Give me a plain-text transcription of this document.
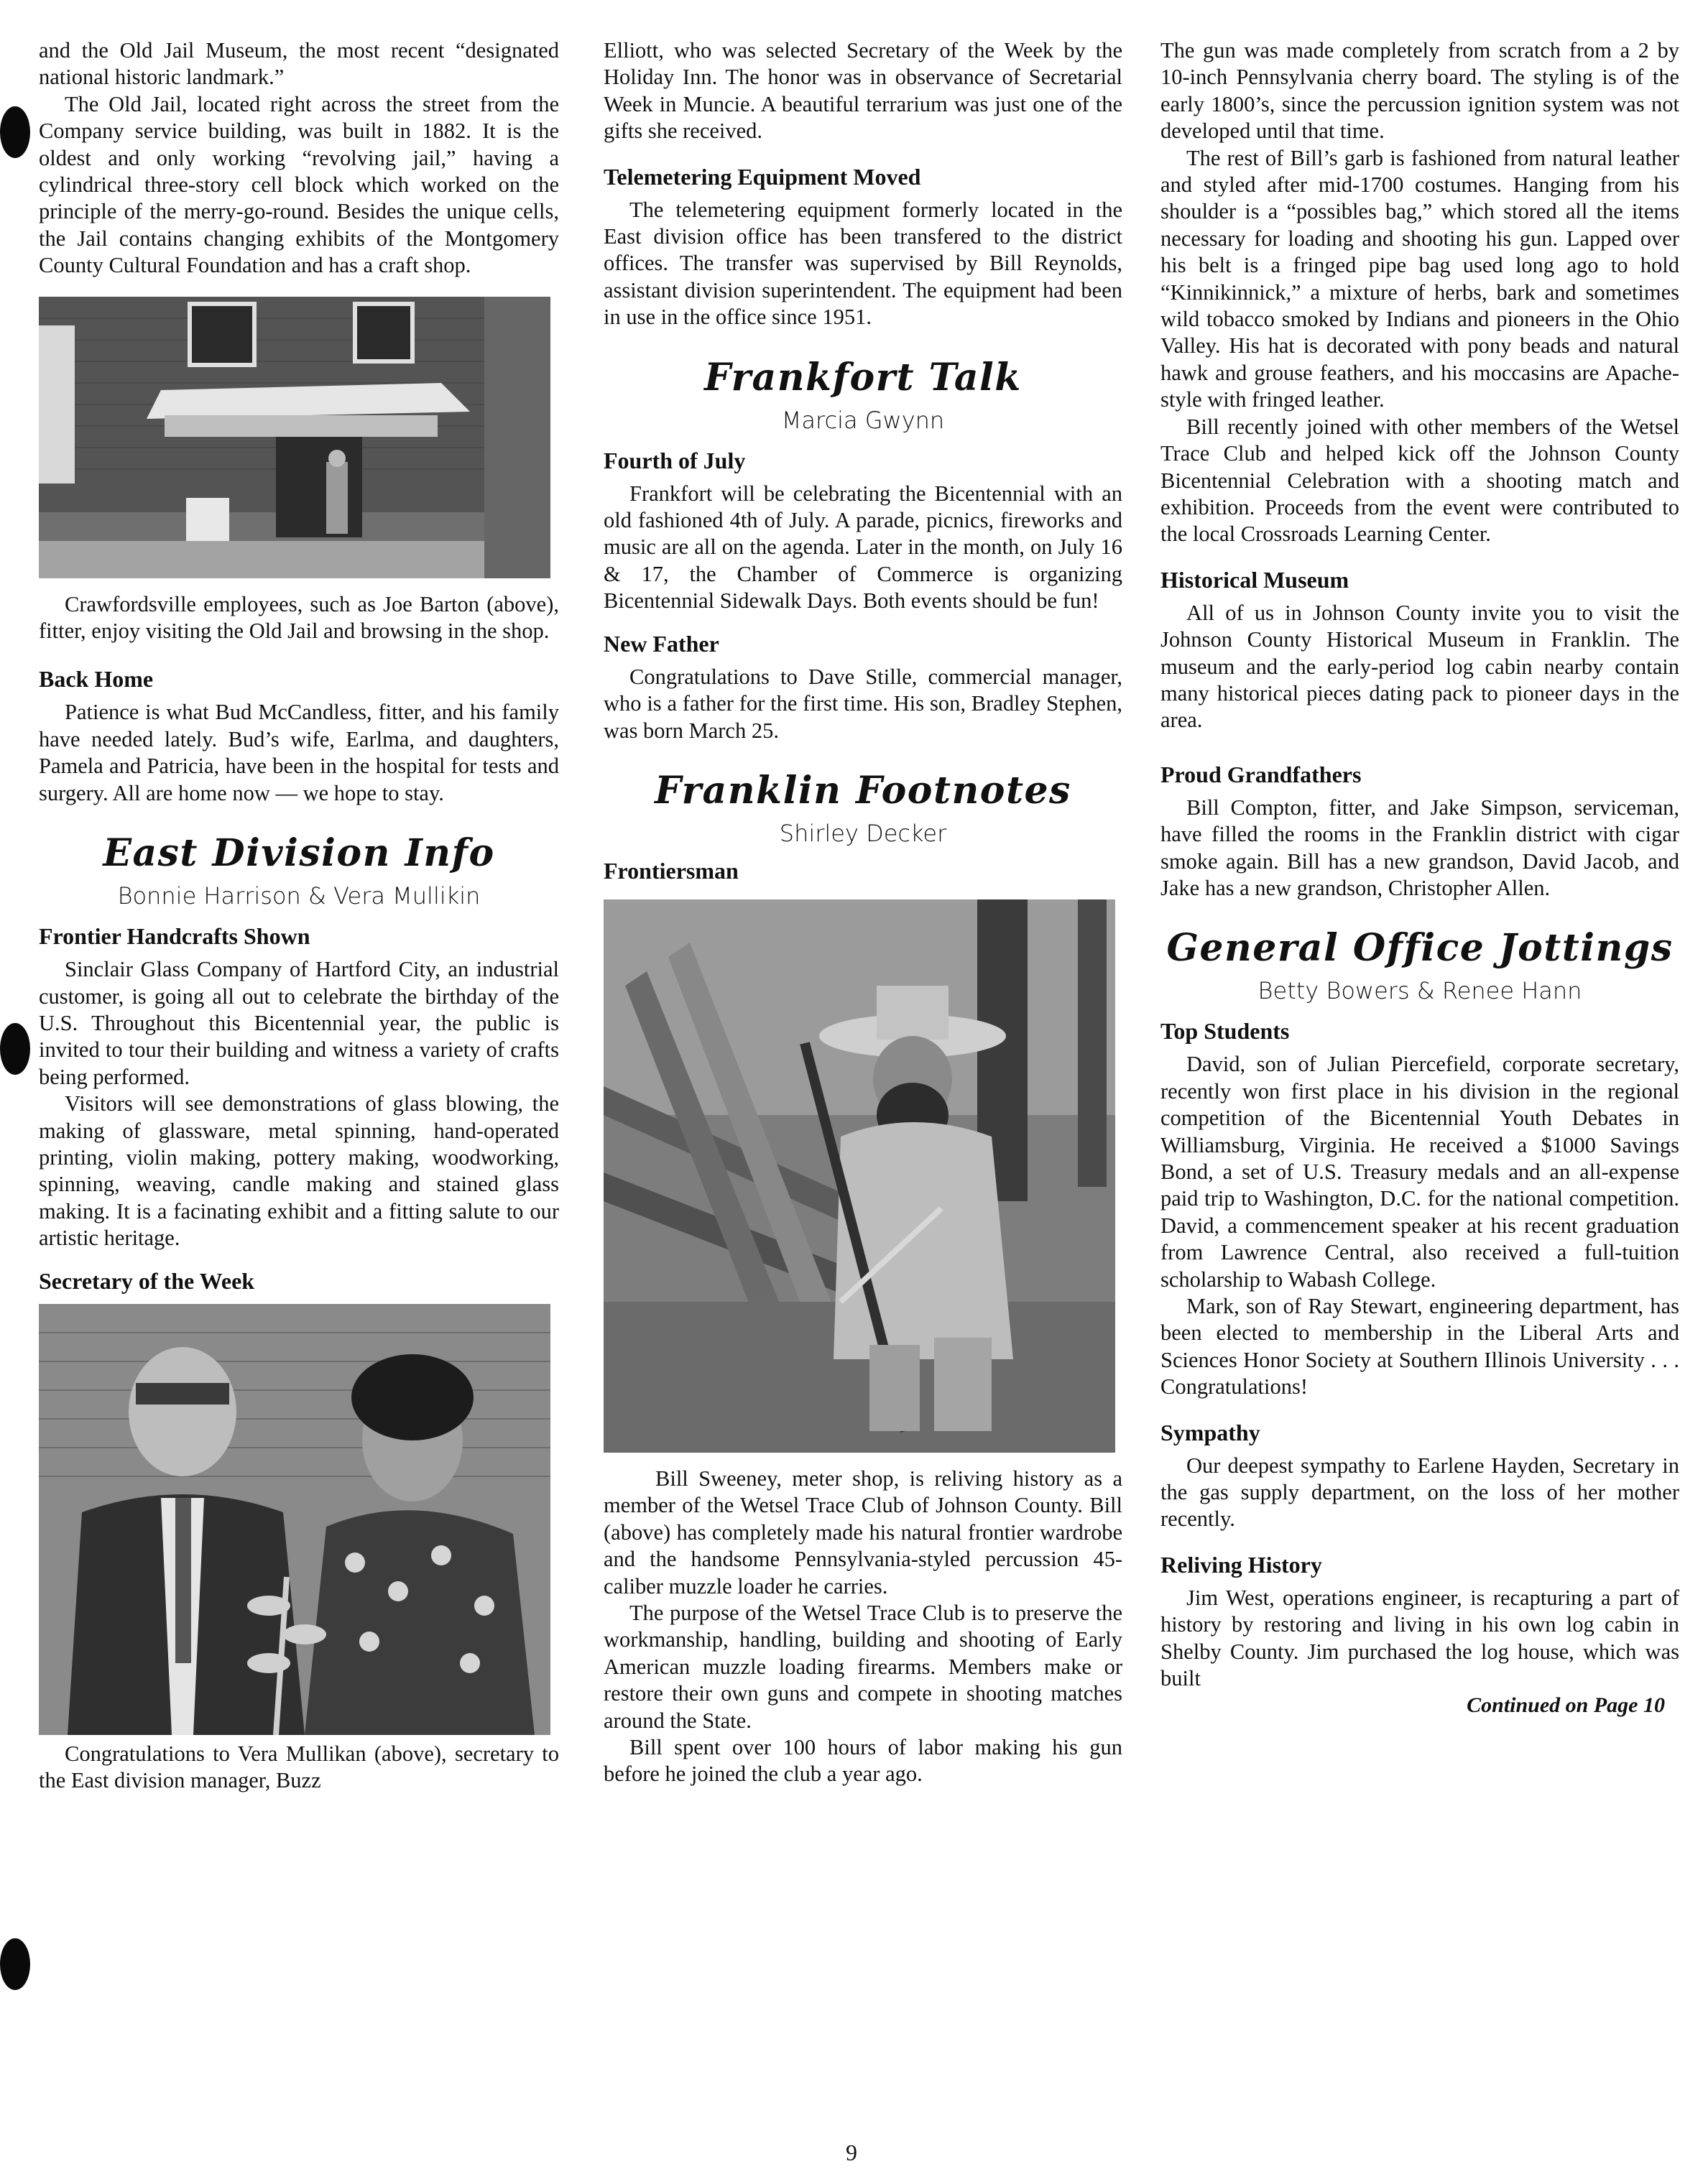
and the Old Jail Museum, the most recent “designated national historic landmark.”

The Old Jail, located right across the street from the Company service building, was built in 1882. It is the oldest and only working “revolving jail,” having a cylindrical three-story cell block which worked on the principle of the merry-go-round. Besides the unique cells, the Jail contains changing exhibits of the Montgomery County Cultural Foundation and has a craft shop.

Crawfordsville employees, such as Joe Barton (above), fitter, enjoy visiting the Old Jail and browsing in the shop.

Back Home

Patience is what Bud McCandless, fitter, and his family have needed lately. Bud’s wife, Earlma, and daughters, Pamela and Patricia, have been in the hospital for tests and surgery. All are home now — we hope to stay.

East Division Info

Bonnie Harrison & Vera Mullikin

Frontier Handcrafts Shown

Sinclair Glass Company of Hartford City, an industrial customer, is going all out to celebrate the birthday of the U.S. Throughout this Bicentennial year, the public is invited to tour their building and witness a variety of crafts being performed.

Visitors will see demonstrations of glass blowing, the making of glassware, metal spinning, hand-operated printing, violin making, pottery making, woodworking, spinning, weaving, candle making and stained glass making. It is a facinating exhibit and a fitting salute to our artistic heritage.

Secretary of the Week

Congratulations to Vera Mullikan (above), secretary to the East division manager, Buzz

Elliott, who was selected Secretary of the Week by the Holiday Inn. The honor was in observance of Secretarial Week in Muncie. A beautiful terrarium was just one of the gifts she received.

Telemetering Equipment Moved

The telemetering equipment formerly located in the East division office has been transfered to the district offices. The transfer was supervised by Bill Reynolds, assistant division superintendent. The equipment had been in use in the office since 1951.

Frankfort Talk

Marcia Gwynn

Fourth of July

Frankfort will be celebrating the Bicentennial with an old fashioned 4th of July. A parade, picnics, fireworks and music are all on the agenda. Later in the month, on July 16 & 17, the Chamber of Commerce is organizing Bicentennial Sidewalk Days. Both events should be fun!

New Father

Congratulations to Dave Stille, commercial manager, who is a father for the first time. His son, Bradley Stephen, was born March 25.

Franklin Footnotes

Shirley Decker

Frontiersman

Bill Sweeney, meter shop, is reliving history as a member of the Wetsel Trace Club of Johnson County. Bill (above) has completely made his natural frontier wardrobe and the handsome Pennsylvania-styled percussion 45-caliber muzzle loader he carries.

The purpose of the Wetsel Trace Club is to preserve the workmanship, handling, building and shooting of Early American muzzle loading firearms. Members make or restore their own guns and compete in shooting matches around the State.

Bill spent over 100 hours of labor making his gun before he joined the club a year ago.

The gun was made completely from scratch from a 2 by 10-inch Pennsylvania cherry board. The styling is of the early 1800’s, since the percussion ignition system was not developed until that time.

The rest of Bill’s garb is fashioned from natural leather and styled after mid-1700 costumes. Hanging from his shoulder is a “possibles bag,” which stored all the items necessary for loading and shooting his gun. Lapped over his belt is a fringed pipe bag used long ago to hold “Kinnikinnick,” a mixture of herbs, bark and sometimes wild tobacco smoked by Indians and pioneers in the Ohio Valley. His hat is decorated with pony beads and natural hawk and grouse feathers, and his moccasins are Apache-style with fringed leather.

Bill recently joined with other members of the Wetsel Trace Club and helped kick off the Johnson County Bicentennial Celebration with a shooting match and exhibition. Proceeds from the event were contributed to the local Crossroads Learning Center.

Historical Museum

All of us in Johnson County invite you to visit the Johnson County Historical Museum in Franklin. The museum and the early-period log cabin nearby contain many historical pieces dating pack to pioneer days in the area.

Proud Grandfathers

Bill Compton, fitter, and Jake Simpson, serviceman, have filled the rooms in the Franklin district with cigar smoke again. Bill has a new grandson, David Jacob, and Jake has a new grandson, Christopher Allen.

General Office Jottings

Betty Bowers & Renee Hann

Top Students

David, son of Julian Piercefield, corporate secretary, recently won first place in his division in the regional competition of the Bicentennial Youth Debates in Williamsburg, Virginia. He received a $1000 Savings Bond, a set of U.S. Treasury medals and an all-expense paid trip to Washington, D.C. for the national competition. David, a commencement speaker at his recent graduation from Lawrence Central, also received a full-tuition scholarship to Wabash College.

Mark, son of Ray Stewart, engineering department, has been elected to membership in the Liberal Arts and Sciences Honor Society at Southern Illinois University . . . Congratulations!

Sympathy

Our deepest sympathy to Earlene Hayden, Secretary in the gas supply department, on the loss of her mother recently.

Reliving History

Jim West, operations engineer, is recapturing a part of history by restoring and living in his own log cabin in Shelby County. Jim purchased the log house, which was built

Continued on Page 10

9
